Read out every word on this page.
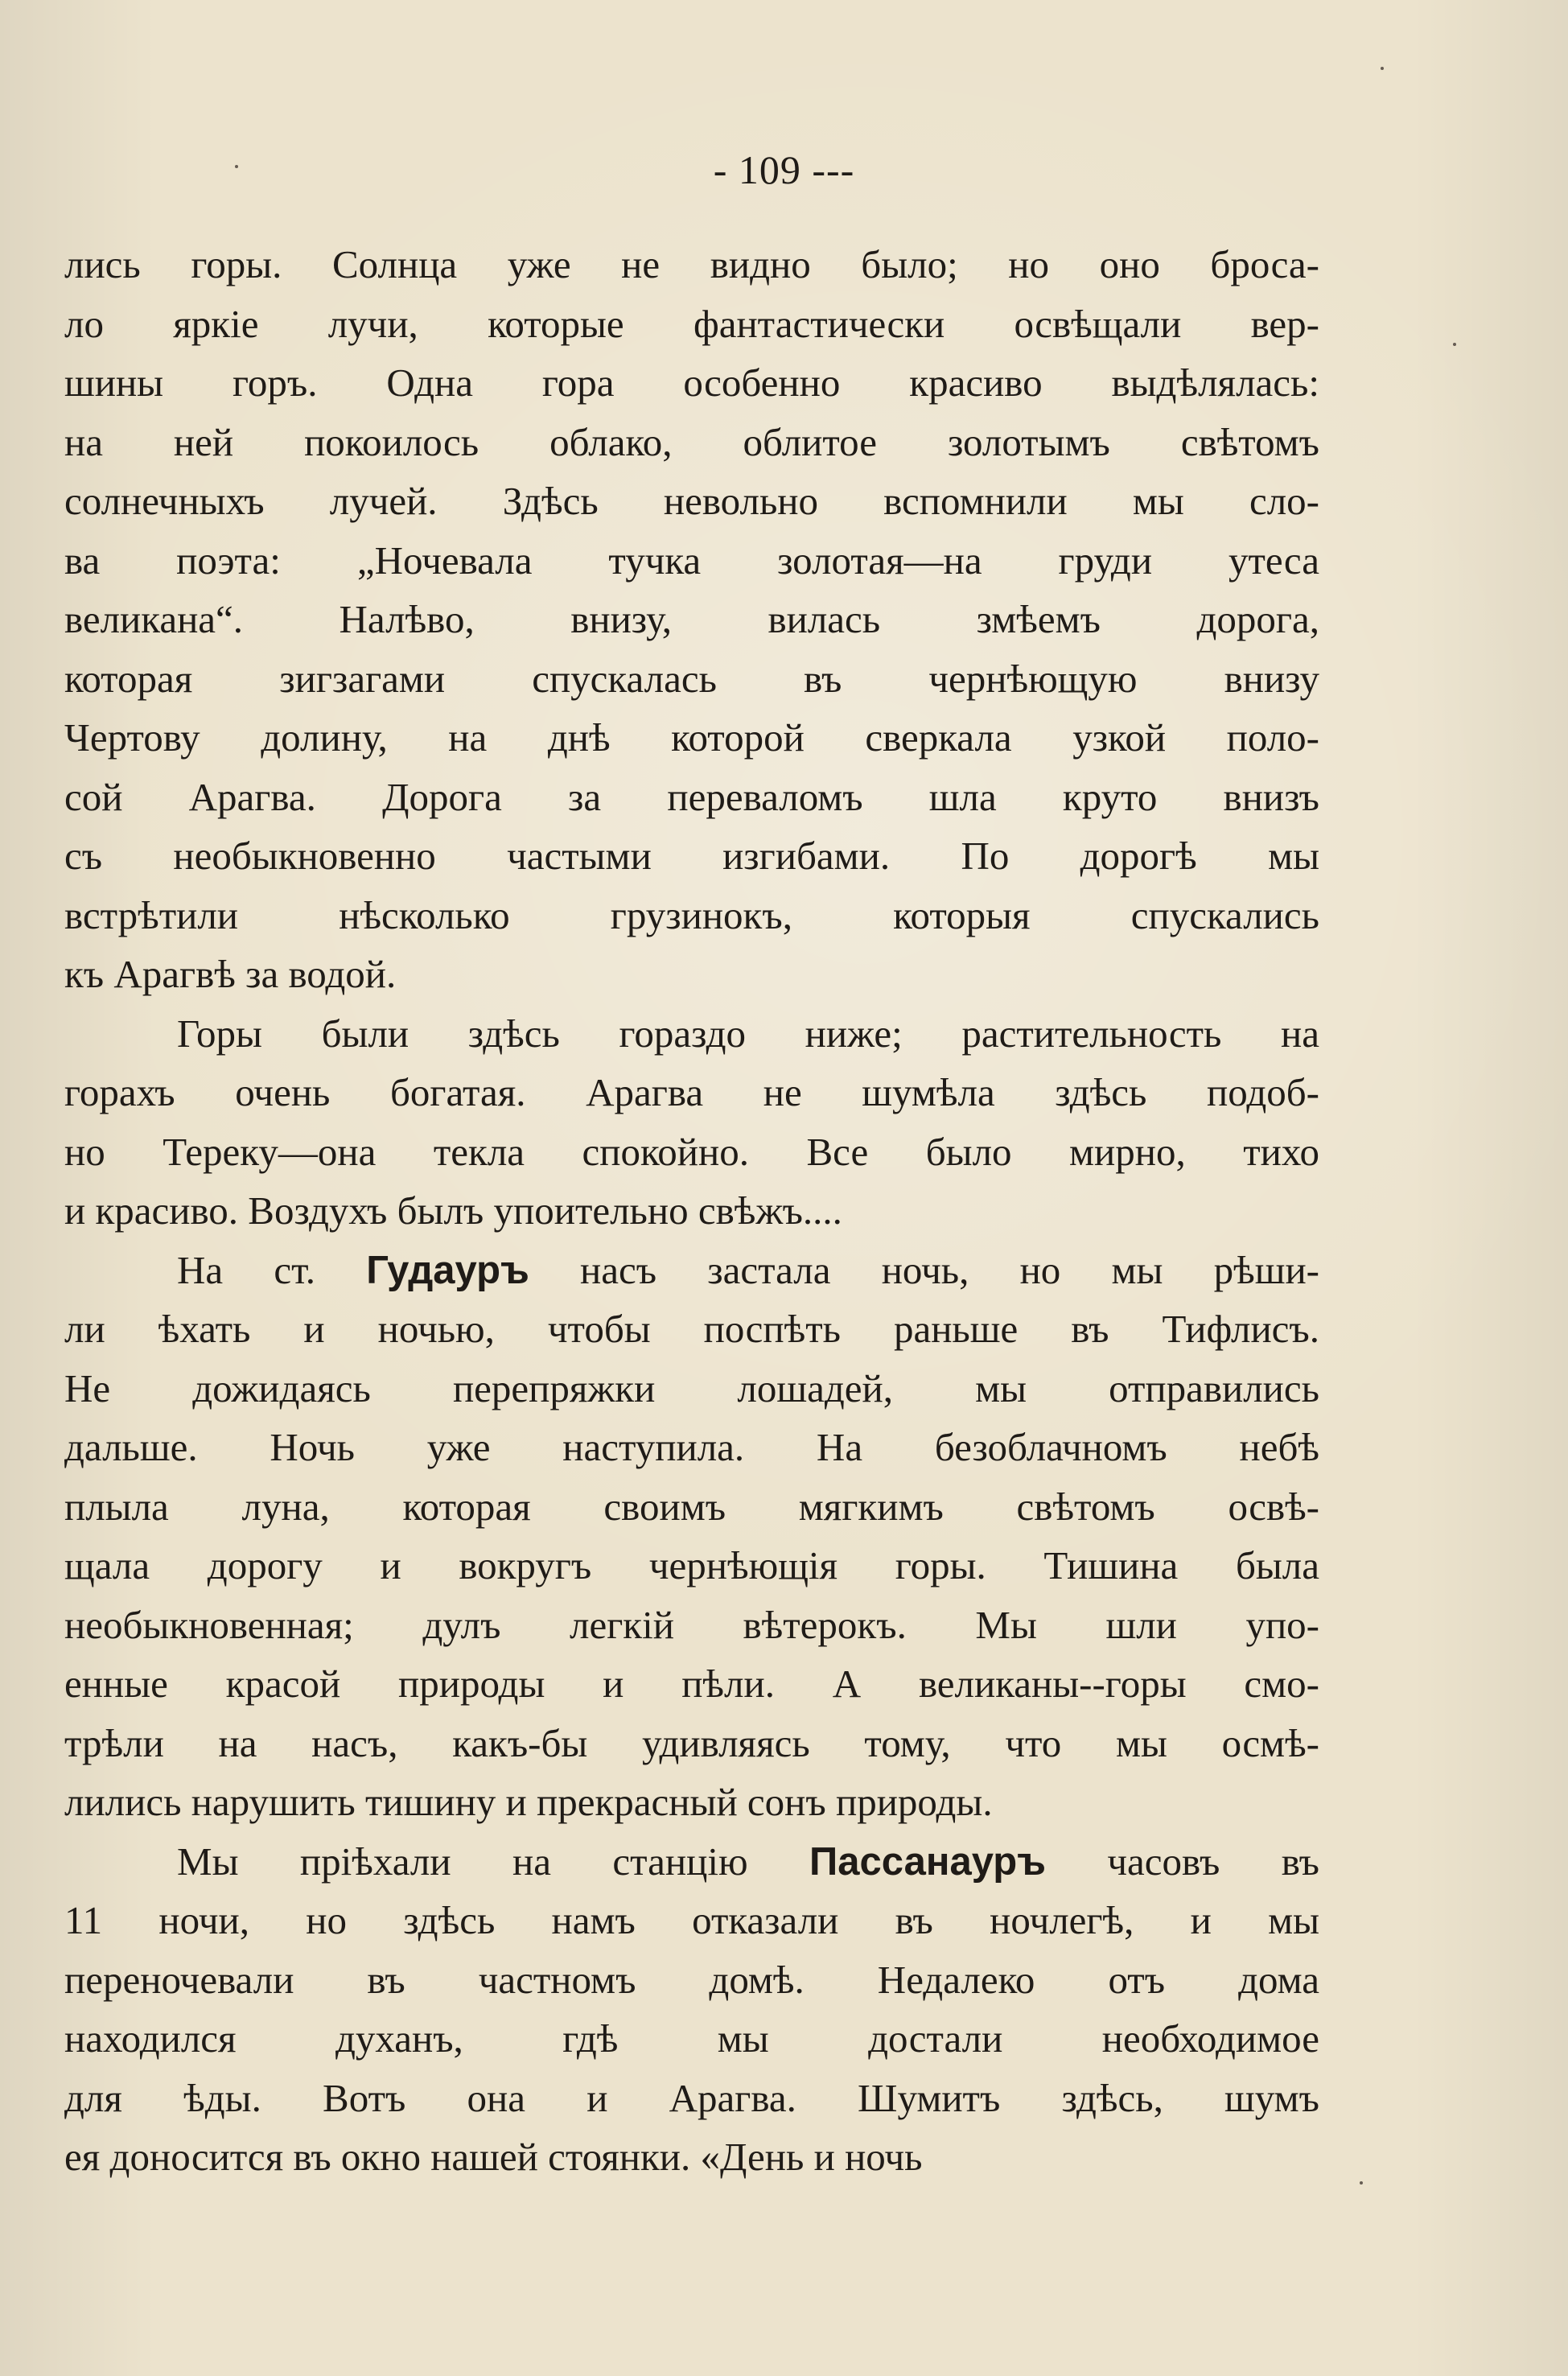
- 109 ---
лись горы. Солнца уже не видно было; но оно броса-
ло яркіе лучи, которые фантастически освѣщали вер-
шины горъ. Одна гора особенно красиво выдѣлялась:
на ней покоилось облако, облитое золотымъ свѣтомъ
солнечныхъ лучей. Здѣсь невольно вспомнили мы сло-
ва поэта: „Ночевала тучка золотая—на груди утеса
великана“. Налѣво, внизу, вилась змѣемъ дорога,
которая зигзагами спускалась въ чернѣющую внизу
Чертову долину, на днѣ которой сверкала узкой поло-
сой Арагва. Дорога за переваломъ шла круто внизъ
съ необыкновенно частыми изгибами. По дорогѣ мы
встрѣтили нѣсколько грузинокъ, которыя спускались
къ Арагвѣ за водой.
Горы были здѣсь гораздо ниже; растительность на
горахъ очень богатая. Арагва не шумѣла здѣсь подоб-
но Тереку—она текла спокойно. Все было мирно, тихо
и красиво. Воздухъ былъ упоительно свѣжъ....
На ст. Гудауръ насъ застала ночь, но мы рѣши-
ли ѣхать и ночью, чтобы поспѣть раньше въ Тифлисъ.
Не дожидаясь перепряжки лошадей, мы отправились
дальше. Ночь уже наступила. На безоблачномъ небѣ
плыла луна, которая своимъ мягкимъ свѣтомъ освѣ-
щала дорогу и вокругъ чернѣющія горы. Тишина была
необыкновенная; дулъ легкій вѣтерокъ. Мы шли упо-
енные красой природы и пѣли. А великаны--горы смо-
трѣли на насъ, какъ-бы удивляясь тому, что мы осмѣ-
лились нарушить тишину и прекрасный сонъ природы.
Мы пріѣхали на станцію Пассанауръ часовъ въ
11 ночи, но здѣсь намъ отказали въ ночлегѣ, и мы
переночевали въ частномъ домѣ. Недалеко отъ дома
находился духанъ, гдѣ мы достали необходимое
для ѣды. Вотъ она и Арагва. Шумитъ здѣсь, шумъ
ея доносится въ окно нашей стоянки. «День и ночь
